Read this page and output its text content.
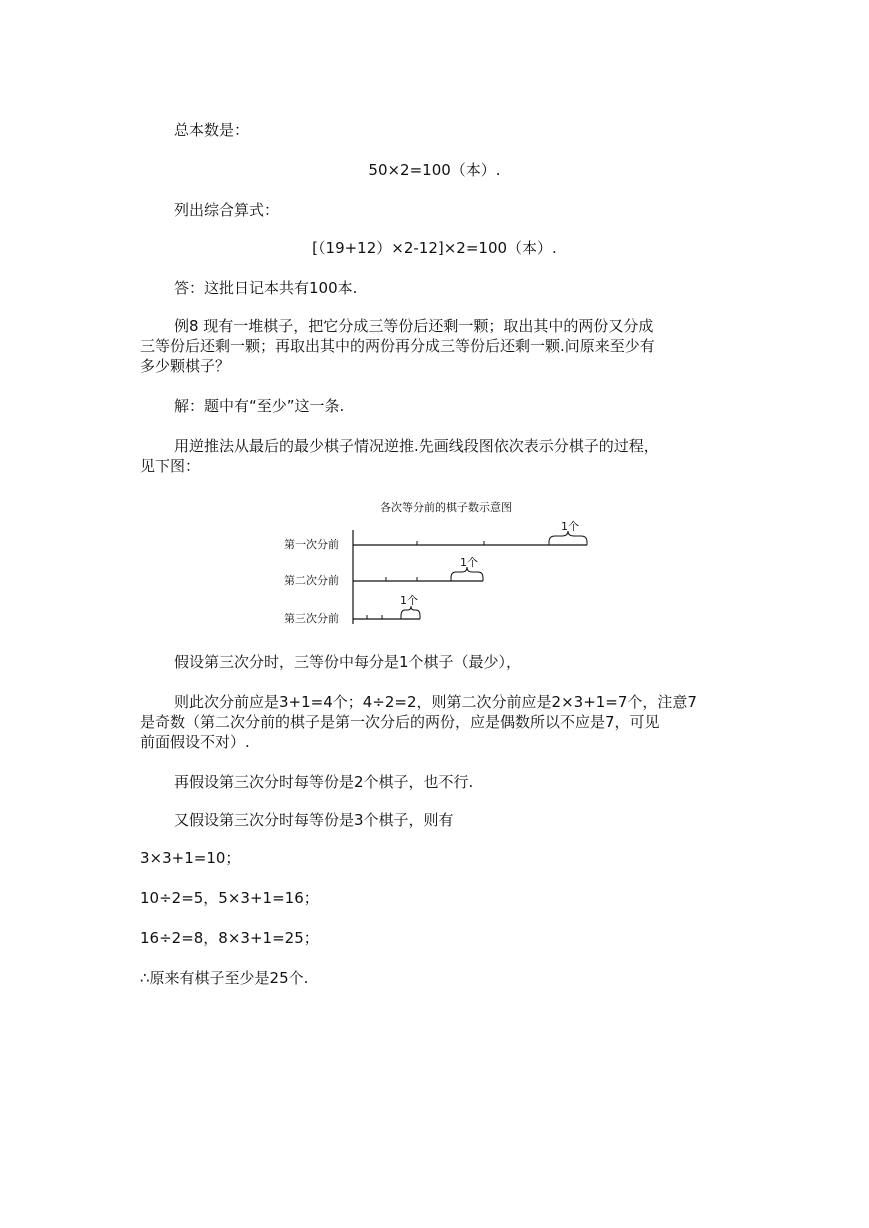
总本数是：
50×2=100（本）.
列出综合算式：
[（19+12）×2-12]×2=100（本）.
答：这批日记本共有100本.

例8 现有一堆棋子，把它分成三等份后还剩一颗；取出其中的两份又分成

三等份后还剩一颗；再取出其中的两份再分成三等份后还剩一颗.问原来至少有

多少颗棋子？

解：题中有“至少”这一条.

用逆推法从最后的最少棋子情况逆推.先画线段图依次表示分棋子的过程，

见下图：

各次等分前的棋子数示意图
第一次分前
1个
第二次分前
1个
第三次分前
1个
假设第三次分时，三等份中每分是1个棋子（最少），

则此次分前应是3+1=4个；4÷2=2，则第二次分前应是2×3+1=7个，注意7

是奇数（第二次分前的棋子是第一次分后的两份，应是偶数所以不应是7，可见

前面假设不对）.

再假设第三次分时每等份是2个棋子，也不行.
又假设第三次分时每等份是3个棋子，则有
3×3+1=10；
10÷2=5，5×3+1=16；
16÷2=8，8×3+1=25；
∴原来有棋子至少是25个.
